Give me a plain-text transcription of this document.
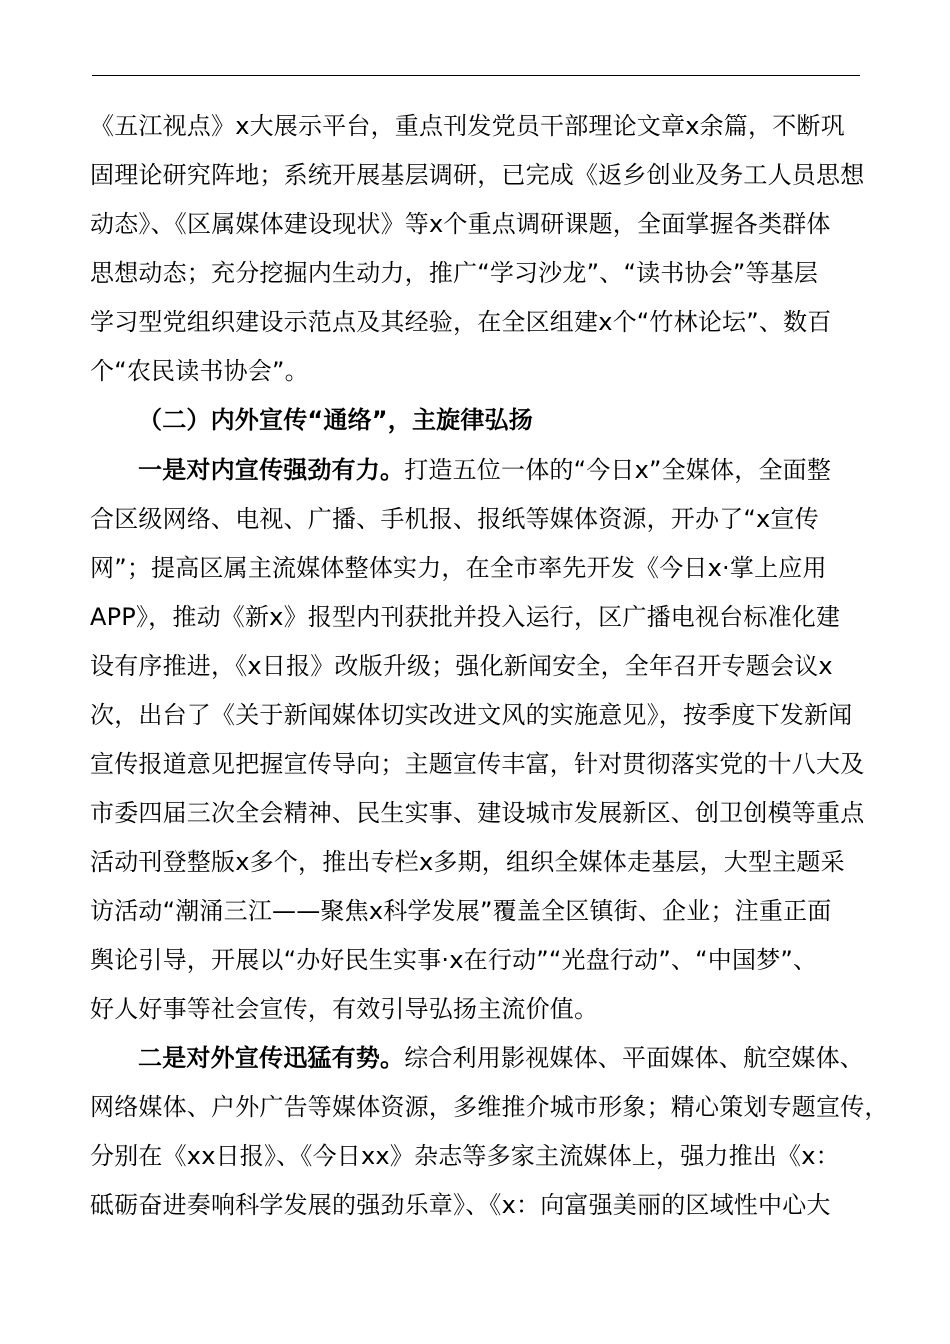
《五江视点》x大展示平台，重点刊发党员干部理论文章x余篇，不断巩
固理论研究阵地；系统开展基层调研，已完成《返乡创业及务工人员思想
动态》、《区属媒体建设现状》等x个重点调研课题，全面掌握各类群体
思想动态；充分挖掘内生动力，推广“学习沙龙”、“读书协会”等基层
学习型党组织建设示范点及其经验，在全区组建x个“竹林论坛”、数百
个“农民读书协会”。
（二）内外宣传“通络”，主旋律弘扬
一是对内宣传强劲有力。打造五位一体的“今日x”全媒体，全面整
合区级网络、电视、广播、手机报、报纸等媒体资源，开办了“x宣传
网”；提高区属主流媒体整体实力，在全市率先开发《今日x·掌上应用
APP》，推动《新x》报型内刊获批并投入运行，区广播电视台标准化建
设有序推进，《x日报》改版升级；强化新闻安全，全年召开专题会议x
次，出台了《关于新闻媒体切实改进文风的实施意见》，按季度下发新闻
宣传报道意见把握宣传导向；主题宣传丰富，针对贯彻落实党的十八大及
市委四届三次全会精神、民生实事、建设城市发展新区、创卫创模等重点
活动刊登整版x多个，推出专栏x多期，组织全媒体走基层，大型主题采
访活动“潮涌三江——聚焦x科学发展”覆盖全区镇街、企业；注重正面
舆论引导，开展以“办好民生实事·x在行动”“光盘行动”、“中国梦”、
好人好事等社会宣传，有效引导弘扬主流价值。
二是对外宣传迅猛有势。综合利用影视媒体、平面媒体、航空媒体、
网络媒体、户外广告等媒体资源，多维推介城市形象；精心策划专题宣传，
分别在《xx日报》、《今日xx》杂志等多家主流媒体上，强力推出《x：
砥砺奋进奏响科学发展的强劲乐章》、《x：向富强美丽的区域性中心大
